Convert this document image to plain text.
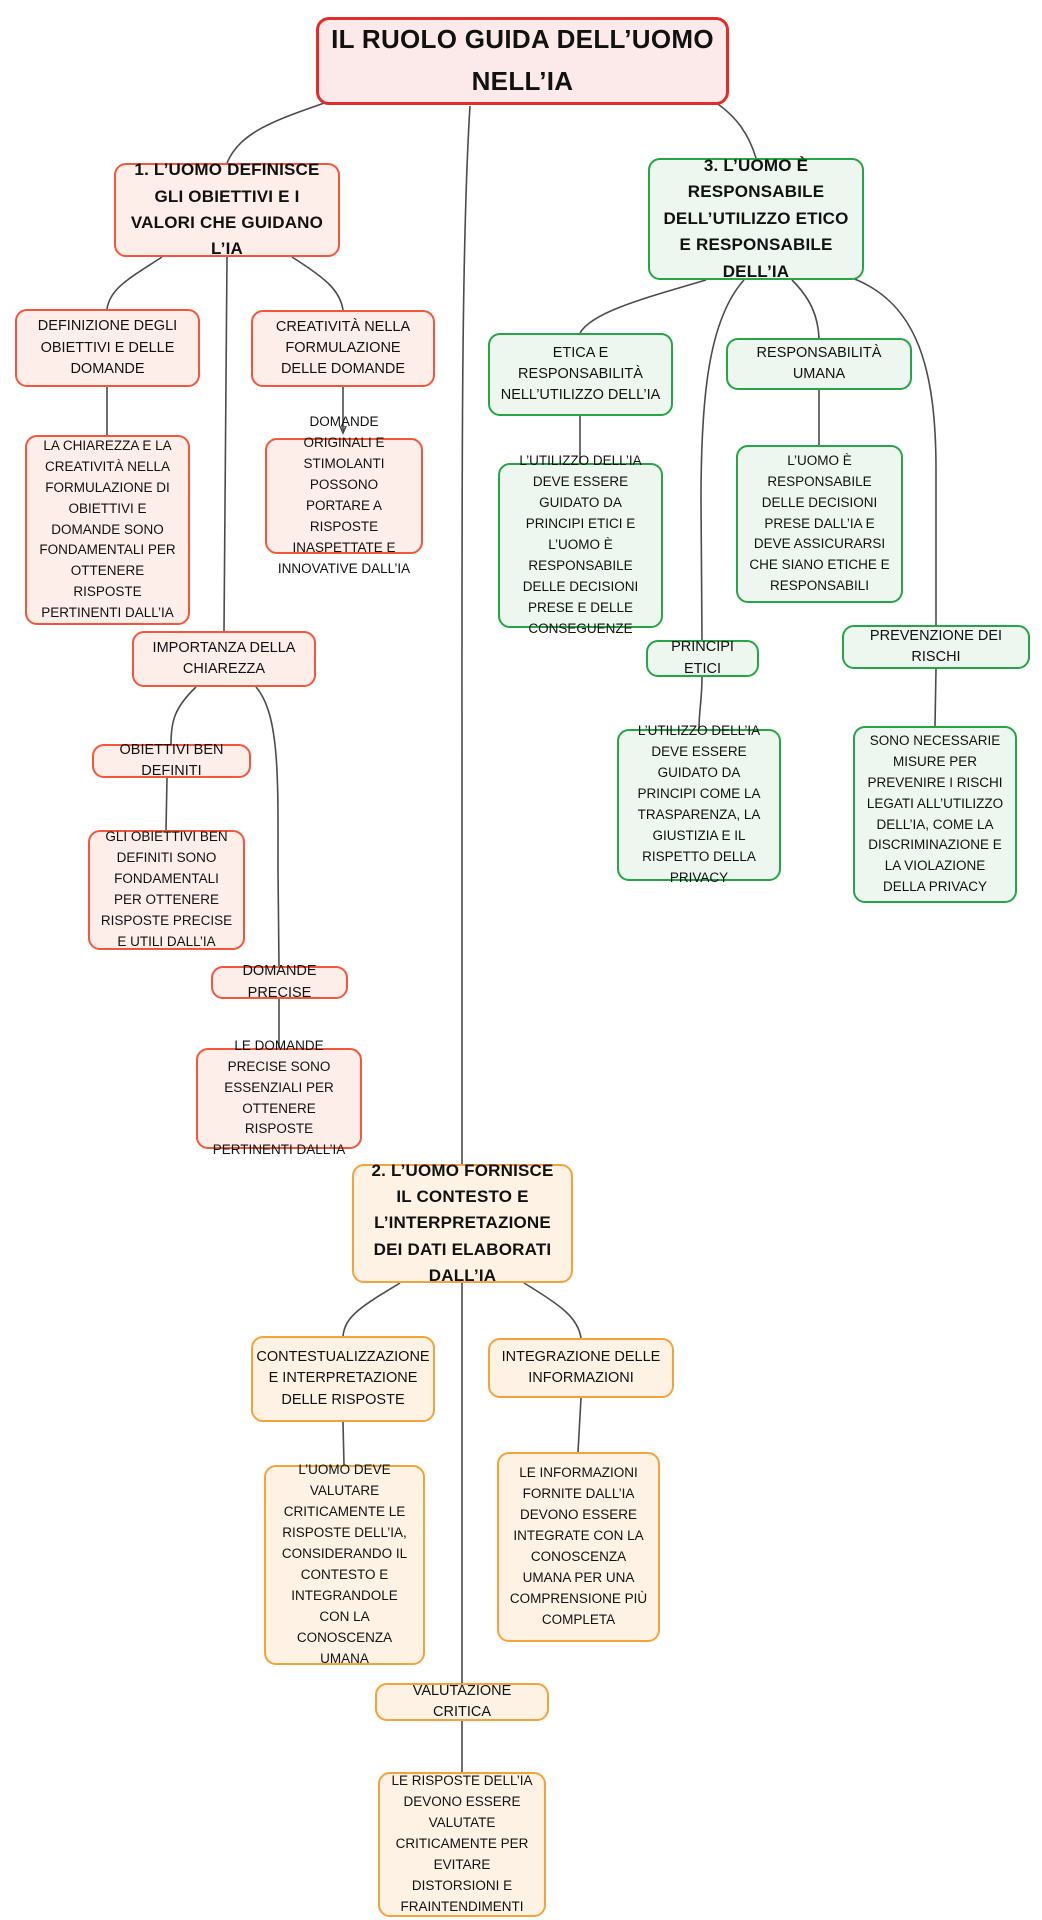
IL RUOLO GUIDA DELL’UOMO NELL’IA
1. L’UOMO DEFINISCE GLI OBIETTIVI E I VALORI CHE GUIDANO L’IA
DEFINIZIONE DEGLI OBIETTIVI E DELLE DOMANDE
CREATIVITÀ NELLA FORMULAZIONE DELLE DOMANDE
LA CHIAREZZA E LA CREATIVITÀ NELLA FORMULAZIONE DI OBIETTIVI E DOMANDE SONO FONDAMENTALI PER OTTENERE RISPOSTE PERTINENTI DALL’IA
DOMANDE ORIGINALI E STIMOLANTI POSSONO PORTARE A RISPOSTE INASPETTATE E INNOVATIVE DALL’IA
IMPORTANZA DELLA CHIAREZZA
OBIETTIVI BEN DEFINITI
GLI OBIETTIVI BEN DEFINITI SONO FONDAMENTALI PER OTTENERE RISPOSTE PRECISE E UTILI DALL’IA
DOMANDE PRECISE
LE DOMANDE PRECISE SONO ESSENZIALI PER OTTENERE RISPOSTE PERTINENTI DALL’IA
2. L’UOMO FORNISCE IL CONTESTO E L’INTERPRETAZIONE DEI DATI ELABORATI DALL’IA
CONTESTUALIZZAZIONE E INTERPRETAZIONE DELLE RISPOSTE
INTEGRAZIONE DELLE INFORMAZIONI
L’UOMO DEVE VALUTARE CRITICAMENTE LE RISPOSTE DELL’IA, CONSIDERANDO IL CONTESTO E INTEGRANDOLE CON LA CONOSCENZA UMANA
LE INFORMAZIONI FORNITE DALL’IA DEVONO ESSERE INTEGRATE CON LA CONOSCENZA UMANA PER UNA COMPRENSIONE PIÙ COMPLETA
VALUTAZIONE CRITICA
LE RISPOSTE DELL’IA DEVONO ESSERE VALUTATE CRITICAMENTE PER EVITARE DISTORSIONI E FRAINTENDIMENTI
3. L’UOMO È RESPONSABILE DELL’UTILIZZO ETICO E RESPONSABILE DELL’IA
ETICA E RESPONSABILITÀ NELL’UTILIZZO DELL’IA
RESPONSABILITÀ UMANA
L’UTILIZZO DELL’IA DEVE ESSERE GUIDATO DA PRINCIPI ETICI E L’UOMO È RESPONSABILE DELLE DECISIONI PRESE E DELLE CONSEGUENZE
L’UOMO È RESPONSABILE DELLE DECISIONI PRESE DALL’IA E DEVE ASSICURARSI CHE SIANO ETICHE E RESPONSABILI
PRINCIPI ETICI
PREVENZIONE DEI RISCHI
L’UTILIZZO DELL’IA DEVE ESSERE GUIDATO DA PRINCIPI COME LA TRASPARENZA, LA GIUSTIZIA E IL RISPETTO DELLA PRIVACY
SONO NECESSARIE MISURE PER PREVENIRE I RISCHI LEGATI ALL’UTILIZZO DELL’IA, COME LA DISCRIMINAZIONE E LA VIOLAZIONE DELLA PRIVACY
